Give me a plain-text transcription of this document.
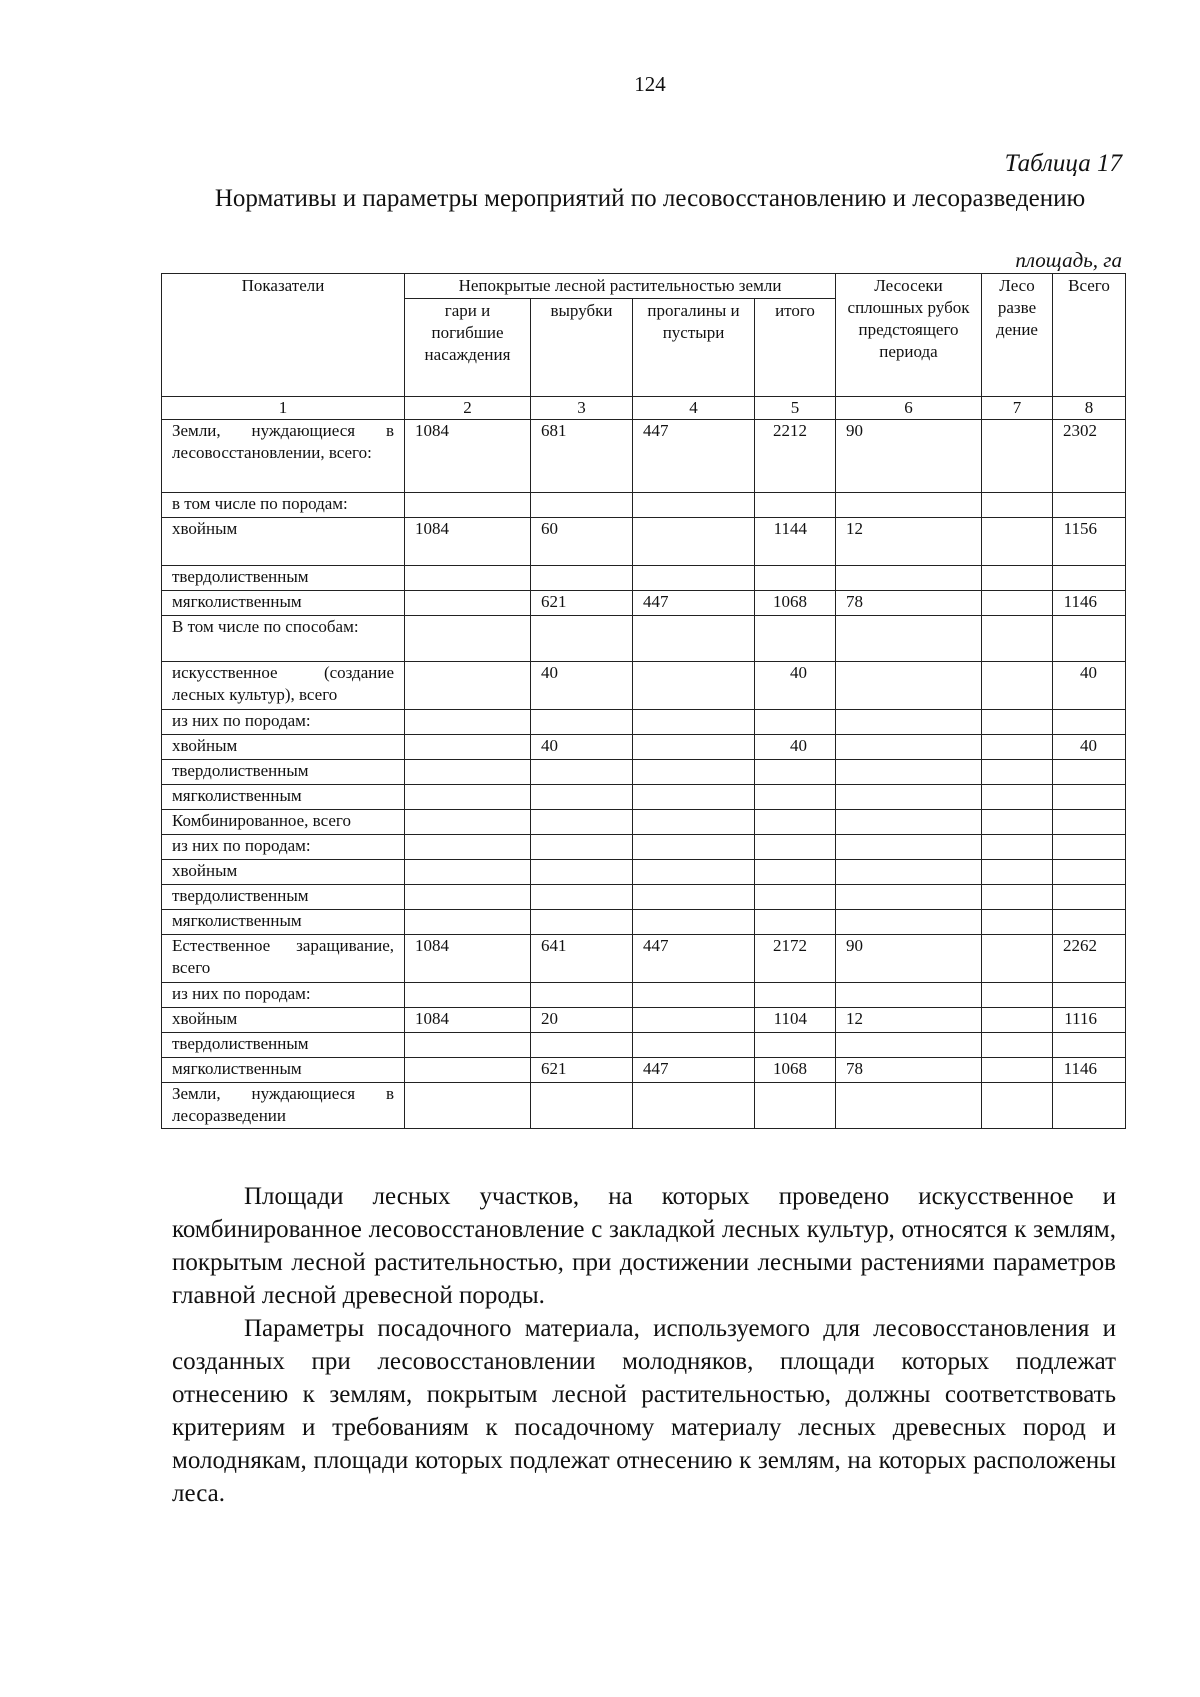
124
Таблица 17
Нормативы и параметры мероприятий по лесовосстановлению и лесоразведению
площадь, га
Показатели	Непокрытые лесной растительностью земли				Лесосеки сплошных рубок предстоящего периода	Лесо разве дение	Всего
	гари и погибшие насаждения	вырубки	прогалины и пустыри	итого			
1	2	3	4	5	6	7	8
Земли, нуждающиеся в лесовосстановлении, всего:	1084	681	447	2212	90		2302
в том числе по породам:							
хвойным	1084	60		1144	12		1156
твердолиственным							
мягколиственным		621	447	1068	78		1146
В том числе по способам:							
искусственное (создание лесных культур), всего		40		40			40
из них по породам:							
хвойным		40		40			40
твердолиственным							
мягколиственным							
Комбинированное, всего							
из них по породам:							
хвойным							
твердолиственным							
мягколиственным							
Естественное заращивание, всего	1084	641	447	2172	90		2262
из них по породам:							
хвойным	1084	20		1104	12		1116
твердолиственным							
мягколиственным		621	447	1068	78		1146
Земли, нуждающиеся в лесоразведении							

Площади лесных участков, на которых проведено искусственное и комбинированное лесовосстановление с закладкой лесных культур, относятся к землям, покрытым лесной растительностью, при достижении лесными растениями параметров главной лесной древесной породы.

Параметры посадочного материала, используемого для лесовосстановления и созданных при лесовосстановлении молодняков, площади которых подлежат отнесению к землям, покрытым лесной растительностью, должны соответствовать критериям и требованиям к посадочному материалу лесных древесных пород и молоднякам, площади которых подлежат отнесению к землям, на которых расположены леса.
